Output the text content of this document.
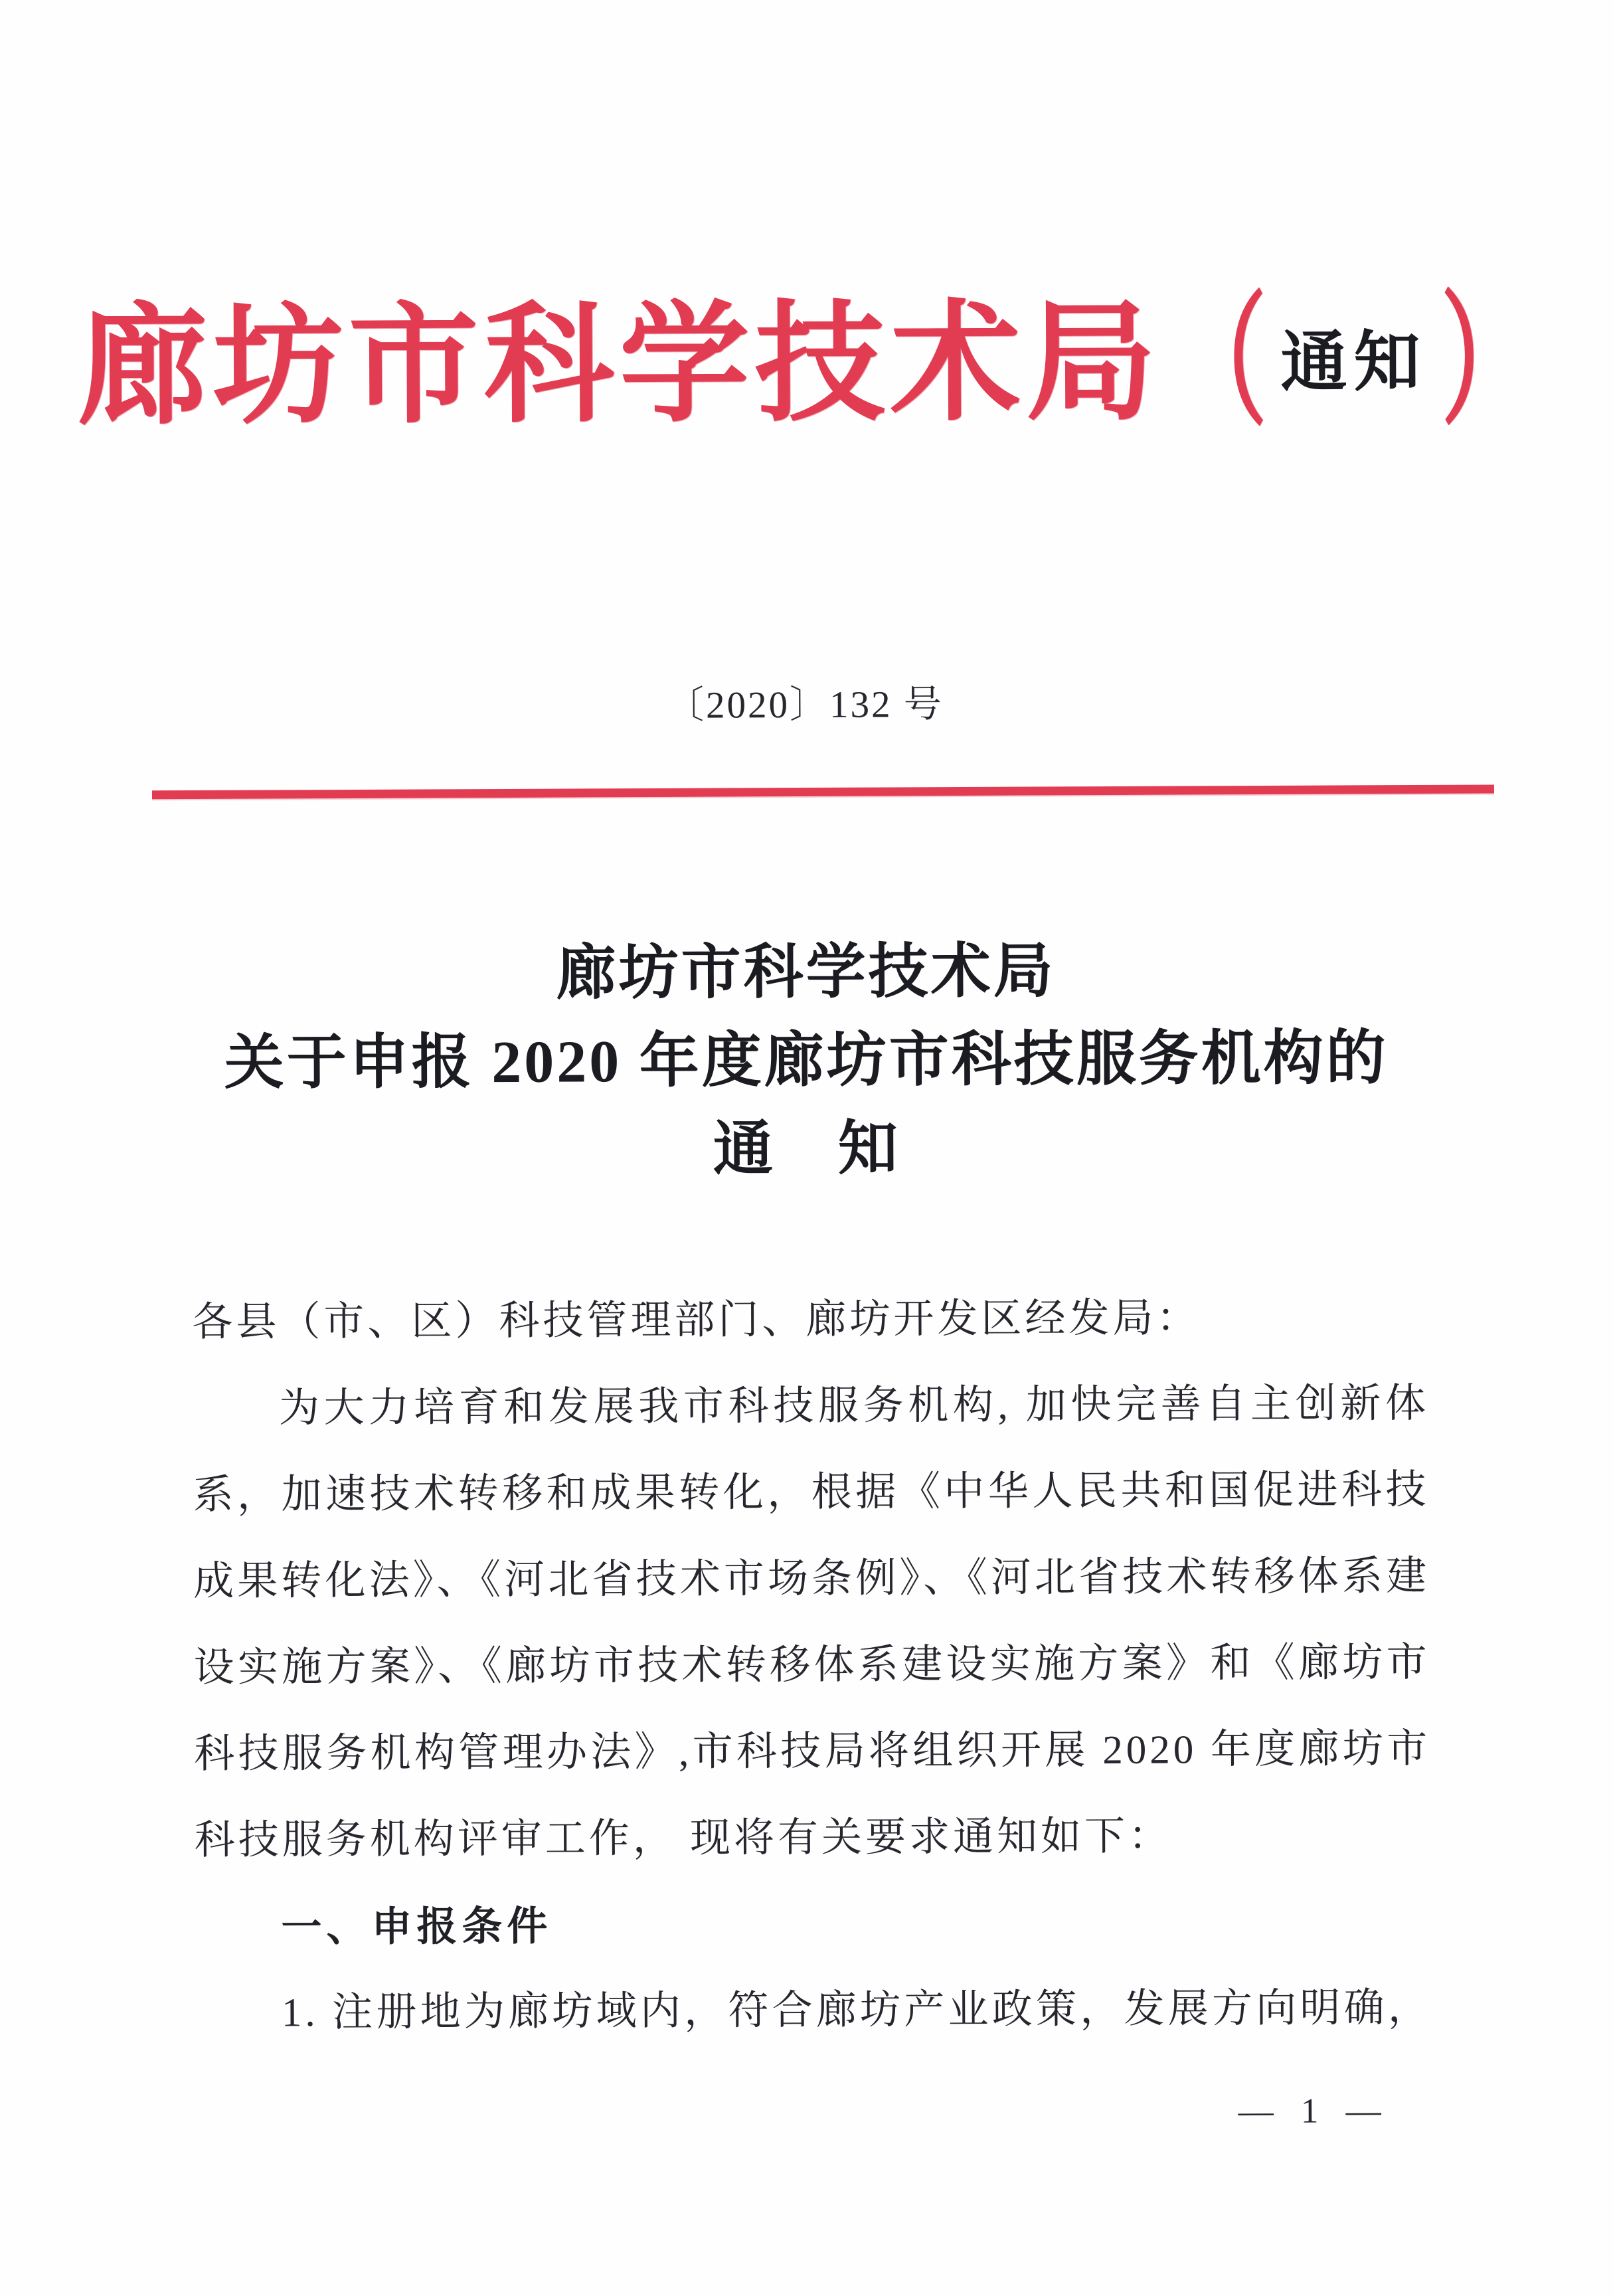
廊坊市科学技术局 （ 通知 ）
〔2020〕132 号
廊坊市科学技术局
关于申报 2020 年度廊坊市科技服务机构的
通　知
各县（市、区）科技管理部门、廊坊开发区经发局：
为大力培育和发展我市科技服务机构, 加快完善自主创新体
系，加速技术转移和成果转化，根据《中华人民共和国促进科技
成果转化法》、《河北省技术市场条例》、《河北省技术转移体系建
设实施方案》、《廊坊市技术转移体系建设实施方案》和《廊坊市
科技服务机构管理办法》,市科技局将组织开展 2020 年度廊坊市
科技服务机构评审工作， 现将有关要求通知如下：
一、申报条件
1. 注册地为廊坊域内，符合廊坊产业政策，发展方向明确，
— 1 —
